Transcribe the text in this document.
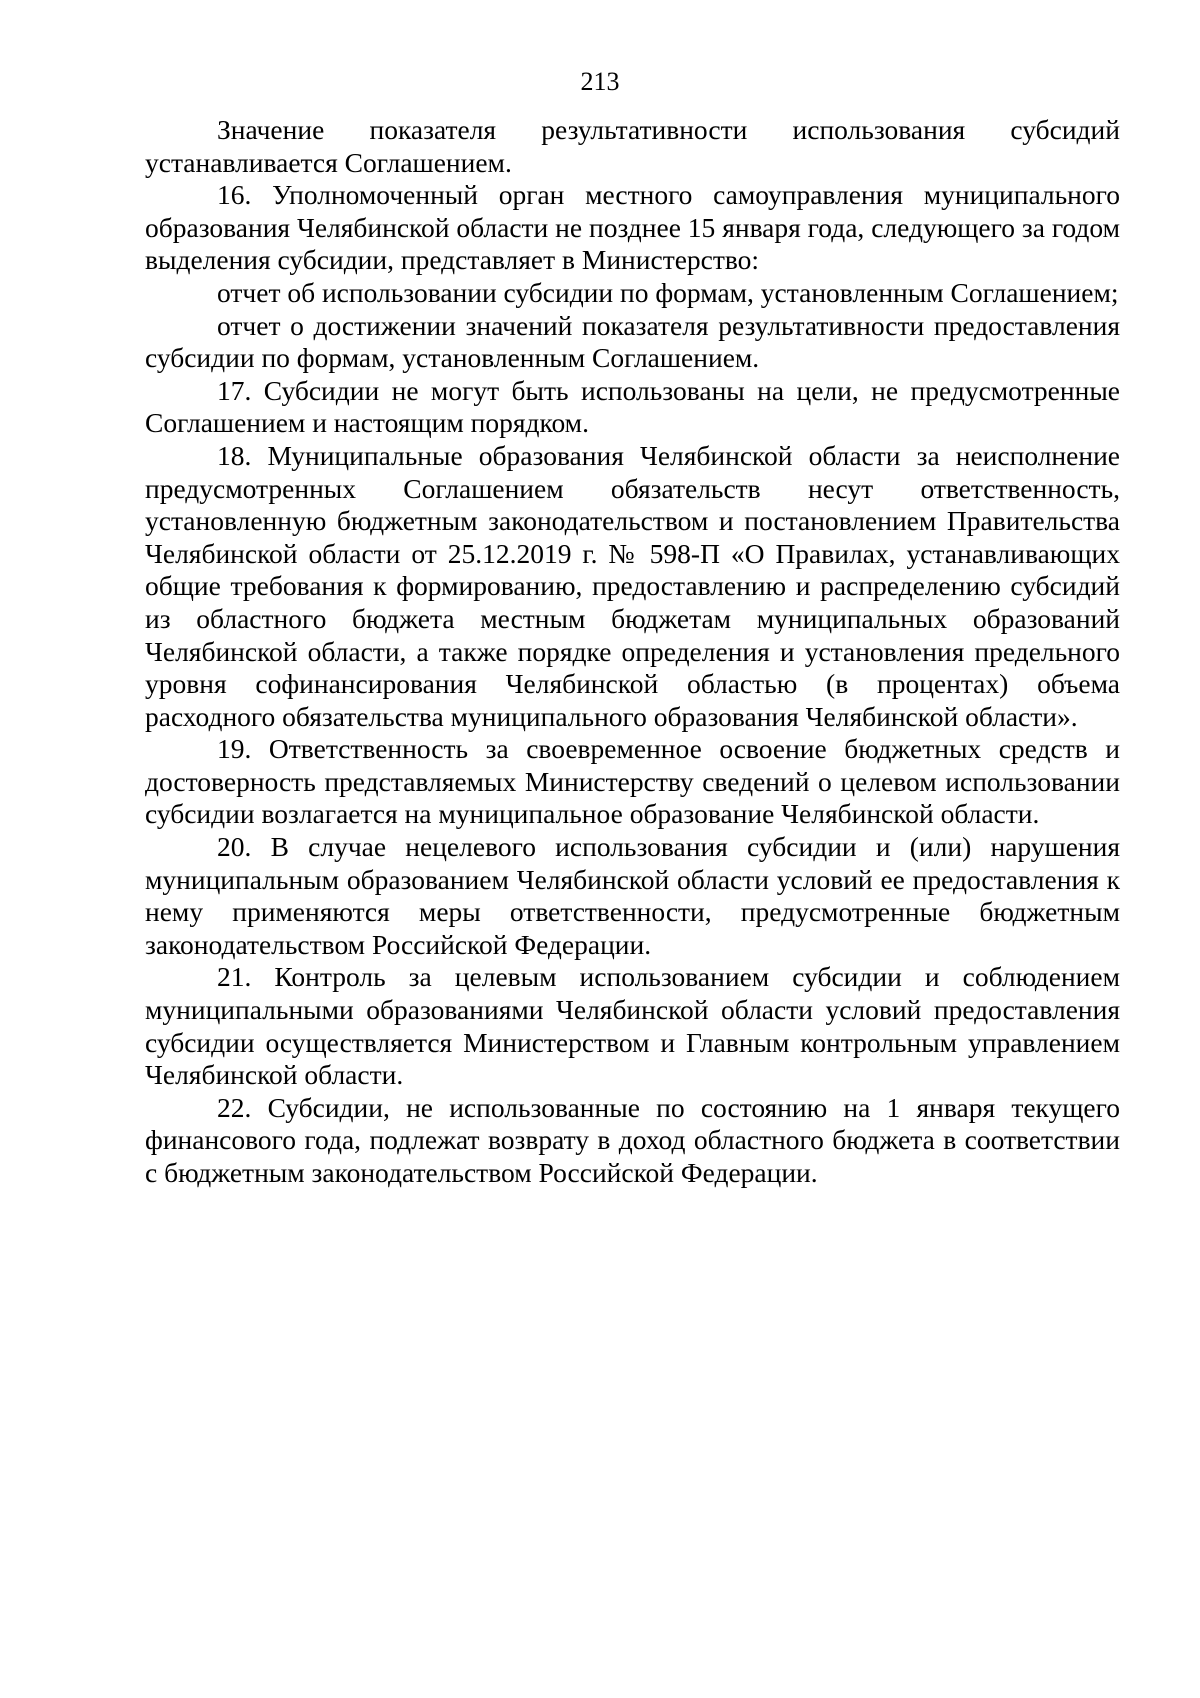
213

Значение показателя результативности использования субсидий устанавливается Соглашением.

16. Уполномоченный орган местного самоуправления муниципального образования Челябинской области не позднее 15 января года, следующего за годом выделения субсидии, представляет в Министерство:

отчет об использовании субсидии по формам, установленным Соглашением;

отчет о достижении значений показателя результативности предоставления субсидии по формам, установленным Соглашением.

17. Субсидии не могут быть использованы на цели, не предусмотренные Соглашением и настоящим порядком.

18. Муниципальные образования Челябинской области за неисполнение предусмотренных Соглашением обязательств несут ответственность, установленную бюджетным законодательством и постановлением Правительства Челябинской области от 25.12.2019 г. № 598-П «О Правилах, устанавливающих общие требования к формированию, предоставлению и распределению субсидий из областного бюджета местным бюджетам муниципальных образований Челябинской области, а также порядке определения и установления предельного уровня софинансирования Челябинской областью (в процентах) объема расходного обязательства муниципального образования Челябинской области».

19. Ответственность за своевременное освоение бюджетных средств и достоверность представляемых Министерству сведений о целевом использовании субсидии возлагается на муниципальное образование Челябинской области.

20. В случае нецелевого использования субсидии и (или) нарушения муниципальным образованием Челябинской области условий ее предоставления к нему применяются меры ответственности, предусмотренные бюджетным законодательством Российской Федерации.

21. Контроль за целевым использованием субсидии и соблюдением муниципальными образованиями Челябинской области условий предоставления субсидии осуществляется Министерством и Главным контрольным управлением Челябинской области.

22. Субсидии, не использованные по состоянию на 1 января текущего финансового года, подлежат возврату в доход областного бюджета в соответствии с бюджетным законодательством Российской Федерации.
